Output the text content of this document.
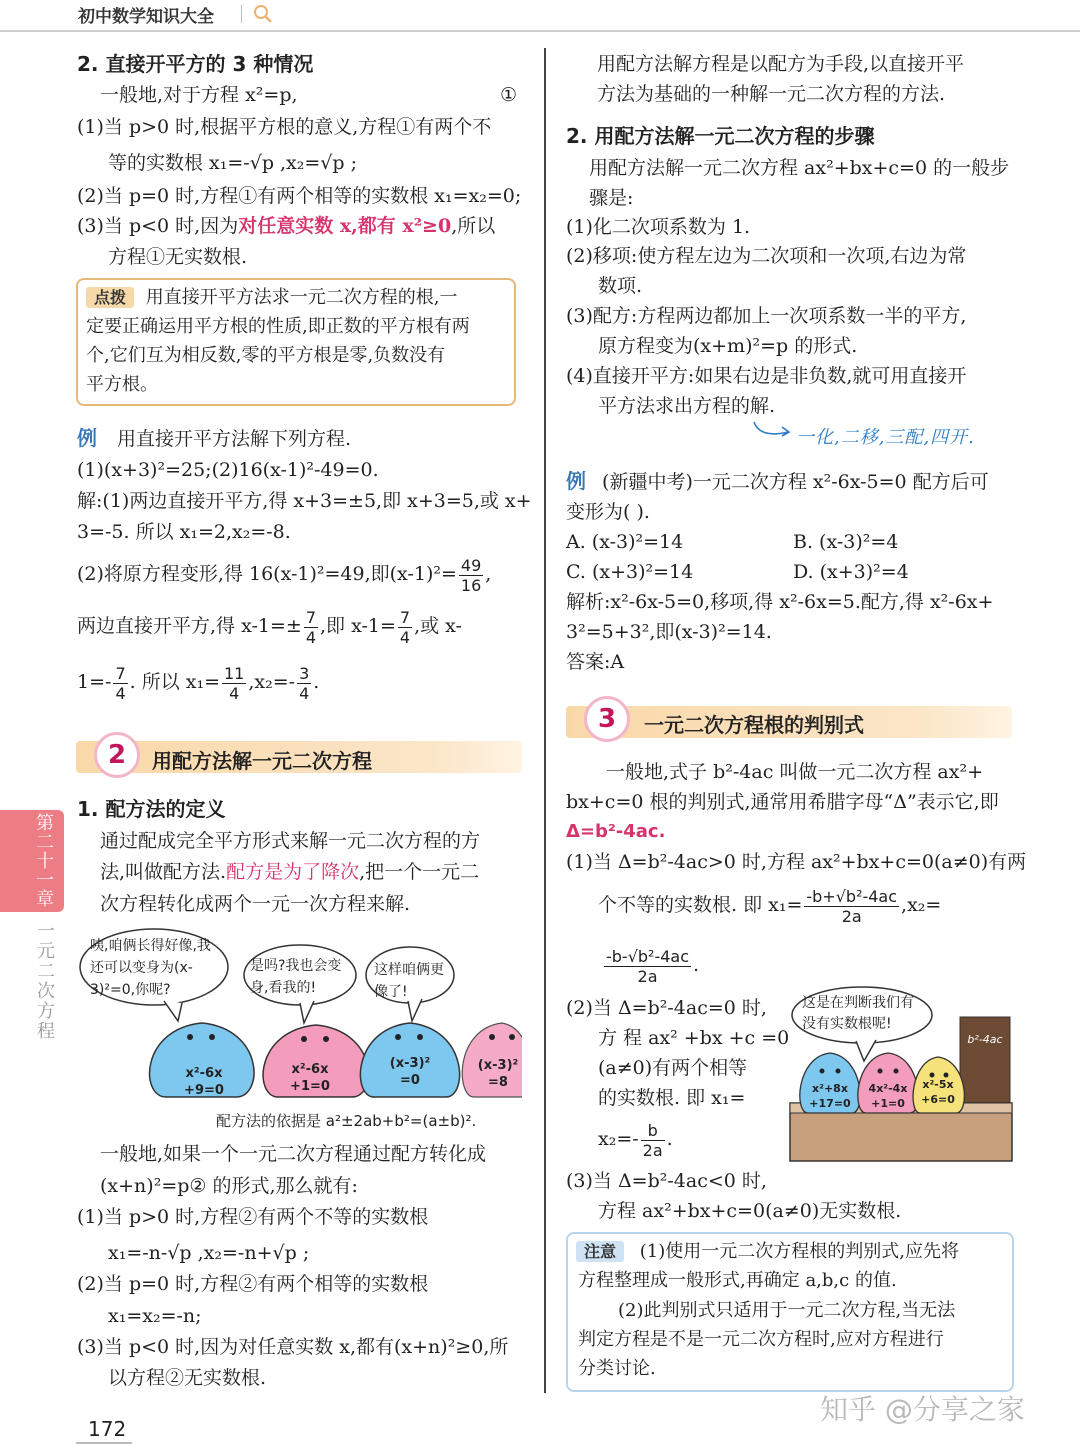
初中数学知识大全
第二十一章
一元二次方程
2. 直接开平方的 3 种情况
一般地,对于方程 x²=p,	①
(1)当 p>0 时,根据平方根的意义,方程①有两个不
等的实数根 x₁=-√p ,x₂=√p ;
(2)当 p=0 时,方程①有两个相等的实数根 x₁=x₂=0;
(3)当 p<0 时,因为对任意实数 x,都有 x²≥0,所以
方程①无实数根.
点拨 用直接开平方法求一元二次方程的根,一
定要正确运用平方根的性质,即正数的平方根有两
个,它们互为相反数,零的平方根是零,负数没有
平方根。
例 用直接开平方法解下列方程.
(1)(x+3)²=25;(2)16(x-1)²-49=0.
解:(1)两边直接开平方,得 x+3=±5,即 x+3=5,或 x+
3=-5. 所以 x₁=2,x₂=-8.
(2)将原方程变形,得 16(x-1)²=49,即$(x-1)^2= \frac{49}{16}$ ,
两边直接开平方,得 $x-1=\pm \frac{7}{4}$ ,即 $x-1= \frac{7}{4}$ ,或 x-
$1=- \frac{7}{4}$ . 所以 $x_1= \frac{11}{4} ,x_2=- \frac{3}{4}$ .
2	用配方法解一元二次方程
1. 配方法的定义
通过配成完全平方形式来解一元二次方程的方
法,叫做配方法.配方是为了降次,把一个一元二
次方程转化成两个一元一次方程来解.
咦,咱俩长得好像,我还可以变身为(x-3)²=0,你呢?
是吗?我也会变身,看我的!
这样咱俩更像了!
x²-6x +9=0
x²-6x +1=0
(x-3)² =0
(x-3)² =8
配方法的依据是 a²±2ab+b²=(a±b)².
一般地,如果一个一元二次方程通过配方转化成
(x+n)²=p② 的形式,那么就有:
(1)当 p>0 时,方程②有两个不等的实数根
x₁=-n-√p ,x₂=-n+√p ;
(2)当 p=0 时,方程②有两个相等的实数根
x₁=x₂=-n;
(3)当 p<0 时,因为对任意实数 x,都有(x+n)²≥0,所
以方程②无实数根.
172
用配方法解方程是以配方为手段,以直接开平
方法为基础的一种解一元二次方程的方法.
2. 用配方法解一元二次方程的步骤
用配方法解一元二次方程 ax²+bx+c=0 的一般步
骤是:
(1)化二次项系数为 1.
(2)移项:使方程左边为二次项和一次项,右边为常
数项.
(3)配方:方程两边都加上一次项系数一半的平方,
原方程变为(x+m)²=p 的形式.
(4)直接开平方:如果右边是非负数,就可用直接开
平方法求出方程的解.
一化,二移,三配,四开.
例 (新疆中考)一元二次方程 x²-6x-5=0 配方后可
变形为( ).
A. (x-3)²=14	B. (x-3)²=4
C. (x+3)²=14	D. (x+3)²=4
解析:x²-6x-5=0,移项,得 x²-6x=5.配方,得 x²-6x+
3²=5+3²,即(x-3)²=14.
答案:A
3	一元二次方程根的判别式
一般地,式子 b²-4ac 叫做一元二次方程 ax²+
bx+c=0 根的判别式,通常用希腊字母“Δ”表示它,即
Δ=b²-4ac.
(1)当 Δ=b²-4ac>0 时,方程 ax²+bx+c=0(a≠0)有两
个不等的实数根. 即 $x_1= \frac{\text{-b+√b²-4ac}}{2a} ,x_2=$
$\frac{\text{-b-√b²-4ac}}{2a}$ .
(2)当 Δ=b²-4ac=0 时,
方 程 ax² +bx +c =0
(a≠0)有两个相等
的实数根. 即 x₁=
$x_2=- \frac{b}{2a}$ .
这是在判断我们有没有实数根呢!
b²-4ac
x²+8x +17=0
4x²-4x +1=0
x²-5x +6=0
(3)当 Δ=b²-4ac<0 时,
方程 ax²+bx+c=0(a≠0)无实数根.
注意 (1)使用一元二次方程根的判别式,应先将
方程整理成一般形式,再确定 a,b,c 的值.
(2)此判别式只适用于一元二次方程,当无法
判定方程是不是一元二次方程时,应对方程进行
分类讨论.
知乎 @分享之家
